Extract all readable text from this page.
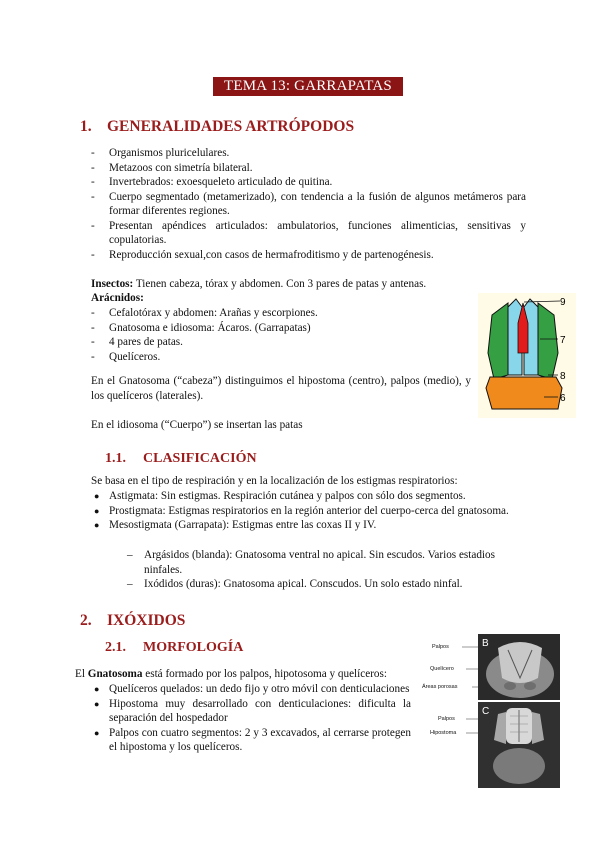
TEMA 13: GARRAPATAS
1. GENERALIDADES ARTRÓPODOS
- Organismos pluricelulares.
- Metazoos con simetría bilateral.
- Invertebrados: exoesqueleto articulado de quitina.
- Cuerpo segmentado (metamerizado), con tendencia a la fusión de algunos metámeros para formar diferentes regiones.
- Presentan apéndices articulados: ambulatorios, funciones alimenticias, sensitivas y copulatorias.
- Reproducción sexual,con casos de hermafroditismo y de partenogénesis.
Insectos: Tienen cabeza, tórax y abdomen. Con 3 pares de patas y antenas.
Arácnidos:
- Cefalotórax y abdomen: Arañas y escorpiones.
- Gnatosoma e idiosoma: Ácaros. (Garrapatas)
- 4 pares de patas.
- Quelíceros.
En el Gnatosoma (“cabeza”) distinguimos el hipostoma (centro), palpos (medio), y los quelíceros (laterales).
En el idiosoma (“Cuerpo”) se insertan las patas
9
7
8
6
1.1. CLASIFICACIÓN
Se basa en el tipo de respiración y en la localización de los estigmas respiratorios:
● Astigmata: Sin estigmas. Respiración cutánea y palpos con sólo dos segmentos.
● Prostigmata: Estigmas respiratorios en la región anterior del cuerpo-cerca del gnatosoma.
● Mesostigmata (Garrapata): Estigmas entre las coxas II y IV.
– Argásidos (blanda): Gnatosoma ventral no apical. Sin escudos. Varios estadios ninfales.
– Ixódidos (duras): Gnatosoma apical. Conscudos. Un solo estado ninfal.
2. IXÓXIDOS
2.1. MORFOLOGÍA
El Gnatosoma está formado por los palpos, hipotosoma y quelíceros:
● Quelíceros quelados: un dedo fijo y otro móvil con denticulaciones
● Hipostoma muy desarrollado con denticulaciones: dificulta la separación del hospedador
● Palpos con cuatro segmentos: 2 y 3 excavados, al cerrarse protegen el hipostoma y los quelíceros.
Palpos
Quelícero
Áreas porosas
Palpos
Hipostoma
B
C
